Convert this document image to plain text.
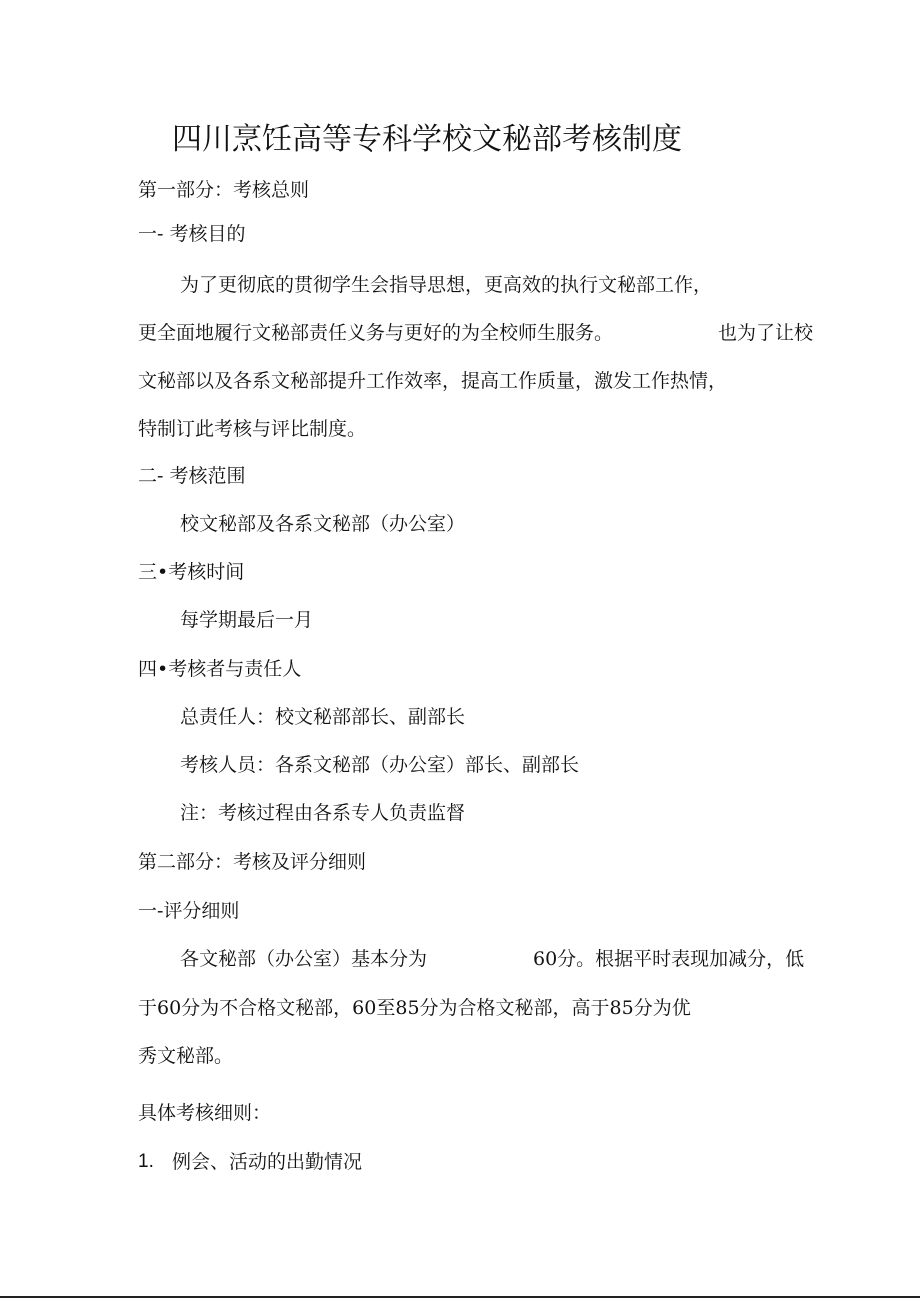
四川烹饪高等专科学校文秘部考核制度
第一部分：考核总则
一- 考核目的
为了更彻底的贯彻学生会指导思想，更高效的执行文秘部工作，
更全面地履行文秘部责任义务与更好的为全校师生服务。	也为了让校
文秘部以及各系文秘部提升工作效率，提高工作质量，激发工作热情，
特制订此考核与评比制度。
二- 考核范围
校文秘部及各系文秘部（办公室）
三•考核时间
每学期最后一月
四•考核者与责任人
总责任人：校文秘部部长、副部长
考核人员：各系文秘部（办公室）部长、副部长
注：考核过程由各系专人负责监督
第二部分：考核及评分细则
一-评分细则
各文秘部（办公室）基本分为	60分。根据平时表现加减分，低
于60分为不合格文秘部，60至85分为合格文秘部，高于85分为优
秀文秘部。
具体考核细则：
1. 例会、活动的出勤情况
